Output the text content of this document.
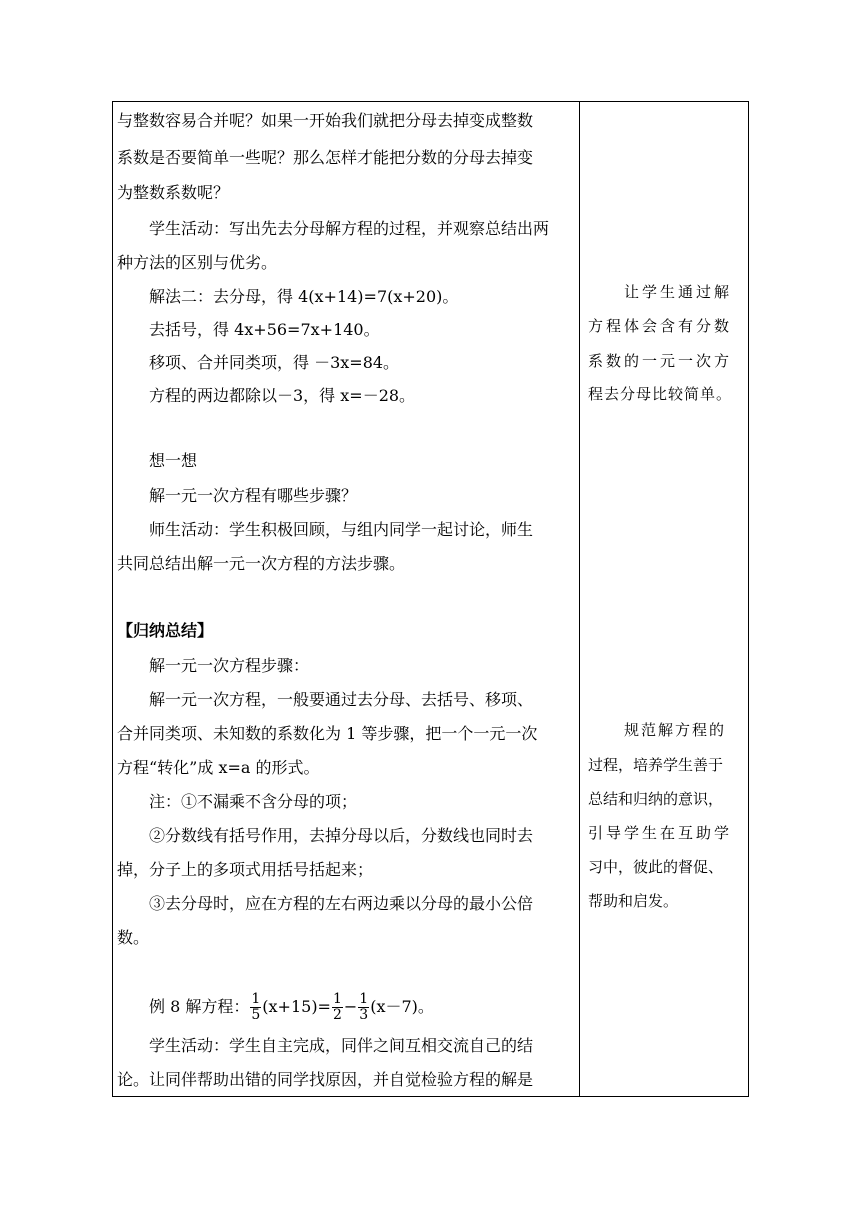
与整数容易合并呢？如果一开始我们就把分母去掉变成整数
系数是否要简单一些呢？那么怎样才能把分数的分母去掉变
为整数系数呢？
学生活动：写出先去分母解方程的过程，并观察总结出两
种方法的区别与优劣。
解法二：去分母，得 4(x+14)=7(x+20)。
去括号，得 4x+56=7x+140。
移项、合并同类项，得 －3x=84。
方程的两边都除以－3，得 x=－28。
想一想
解一元一次方程有哪些步骤？
师生活动：学生积极回顾，与组内同学一起讨论，师生
共同总结出解一元一次方程的方法步骤。
【归纳总结】
解一元一次方程步骤：
解一元一次方程，一般要通过去分母、去括号、移项、
合并同类项、未知数的系数化为 1 等步骤，把一个一元一次
方程“转化”成 x=a 的形式。
注：①不漏乘不含分母的项；
②分数线有括号作用，去掉分母以后，分数线也同时去
掉，分子上的多项式用括号括起来；
③去分母时，应在方程的左右两边乘以分母的最小公倍
数。
例 8 解方程： $\frac{1}{5} (x+15)= \frac{1}{2} - \frac{1}{3} (x-7)$。
学生活动：学生自主完成，同伴之间互相交流自己的结
论。让同伴帮助出错的同学找原因，并自觉检验方程的解是
让学生通过解
方程体会含有分数
系数的一元一次方
程去分母比较简单。
规范解方程的
过程，培养学生善于
总结和归纳的意识，
引导学生在互助学
习中，彼此的督促、
帮助和启发。
